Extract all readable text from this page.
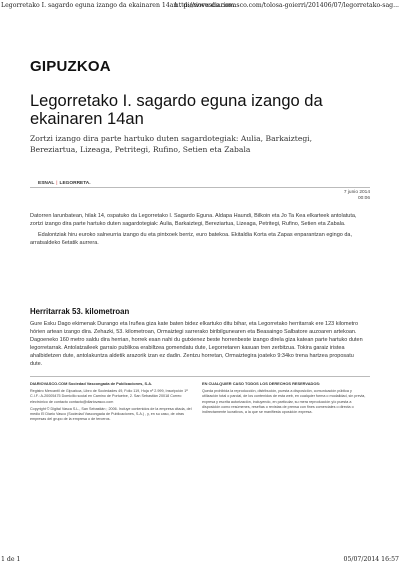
Legorretako I. sagardo eguna izango da ekainaren 14an . diariovasco.com
http://www.diariovasco.com/tolosa-goierri/201406/07/legorretako-sag...
GIPUZKOA
Legorretako I. sagardo eguna izango da ekainaren 14an
Zortzi izango dira parte hartuko duten sagardotegiak: Aulia, Barkaiztegi, Bereziartua, Lizeaga, Petritegi, Rufino, Setien eta Zabala
ESNAL | LEGORRETA.
7 junio 2014
00:06

Datorren larunbatean, hilak 14, ospatuko da Legorretako I. Sagardo Eguna. Aldapa Haundi, Bilkoin eta Jo Ta Kea elkarteek antolatuta, zortzi izango dira parte hartuko duten sagardotegiak: Aulia, Barkaiztegi, Bereziartua, Lizeaga, Petritegi, Rufino, Setien eta Zabala.

Edalontziak hiru euroko salneurria izango du eta pintxoek berriz, euro batekoa. Ekitaldia Korta eta Zapas enparantzan egingo da, arratsaldeko 6etatik aurrera.

Herritarrak 53. kilometroan

Gure Esku Dago ekimenak Durango eta Iruñea giza kate baten bidez elkartuko ditu bihar, eta Legorretako herritarrak ere 123 kilometro hórien artean izango dira. Zehazki, 53. kilometroan, Ormaiztegi sarrerako biribilgunearen eta Beasaingo Salbatore auzoaren artekoan. Dagoeneko 160 metro saldu dira herrian, horrek esan nahi du gutxienez beste horrenbeste izango direla giza katean parte hartuko duten legorretarrak. Antolatzaileek garraio publikoa erabiltzea gomendatu dute, Legorretaren kasuan tren zerbitzua. Tokira garaiz iristea ahalbidetzen dute, antolakuntza aldetik arazorik izan ez dadin. Zentzu horretan, Ormaiztegira joateko 9:34ko trena hartzea proposatu dute.

DIARIOVASCO.COM Sociedad Vascongada de Publicaciones, S.A.

Registro Mercantil de Gipuzkoa, Libro de Sociedades 49, Folio 119, Hoja nº 2.999, Inscripción 1ª C.I.F.: A-20005475 Domicilio social en Camino de Portuetxe, 2. San Sebastián 20018 Correo electrónico de contacto contacto@diariovasco.com

Copyright © Digital Vasca S.L., San Sebastián ; 2006. Incluye contenidos de la empresa citada, del medio El Diario Vasco (Sociedad Vascongada de Publicaciones, S.A.) , y, en su caso, de otras empresas del grupo de la empresa o de terceros.

EN CUALQUIER CASO TODOS LOS DERECHOS RESERVADOS:

Queda prohibida la reproducción, distribución, puesta a disposición, comunicación pública y utilización total o parcial, de los contenidos de esta web, en cualquier forma o modalidad, sin previa, expresa y escrita autorización, incluyendo, en particular, su mera reproducción y/o puesta a disposición como resúmenes, reseñas o revistas de prensa con fines comerciales o directa o indirectamente lucrativos, a la que se manifiesta oposición expresa.

1 de 1	05/07/2014 16:57
